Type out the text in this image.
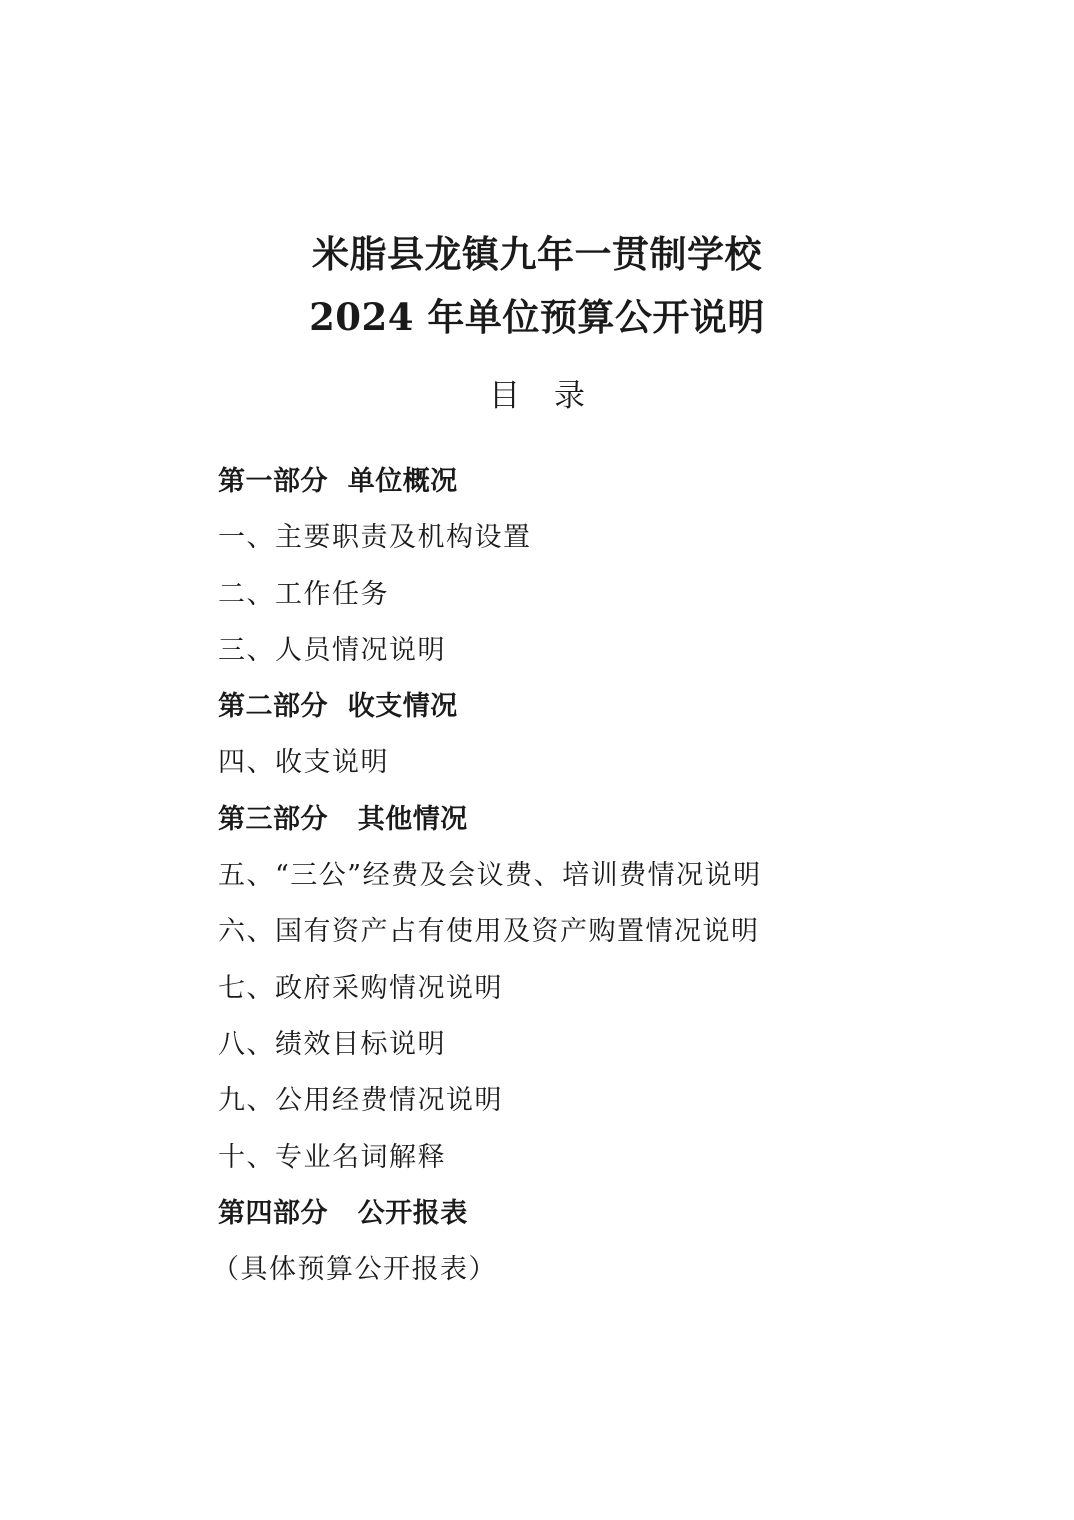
米脂县龙镇九年一贯制学校
2024 年单位预算公开说明
目 录
第一部分  单位概况
一、主要职责及机构设置
二、工作任务
三、人员情况说明
第二部分  收支情况
四、收支说明
第三部分   其他情况
五、“三公”经费及会议费、培训费情况说明
六、国有资产占有使用及资产购置情况说明
七、政府采购情况说明
八、绩效目标说明
九、公用经费情况说明
十、专业名词解释
第四部分   公开报表
（具体预算公开报表）
